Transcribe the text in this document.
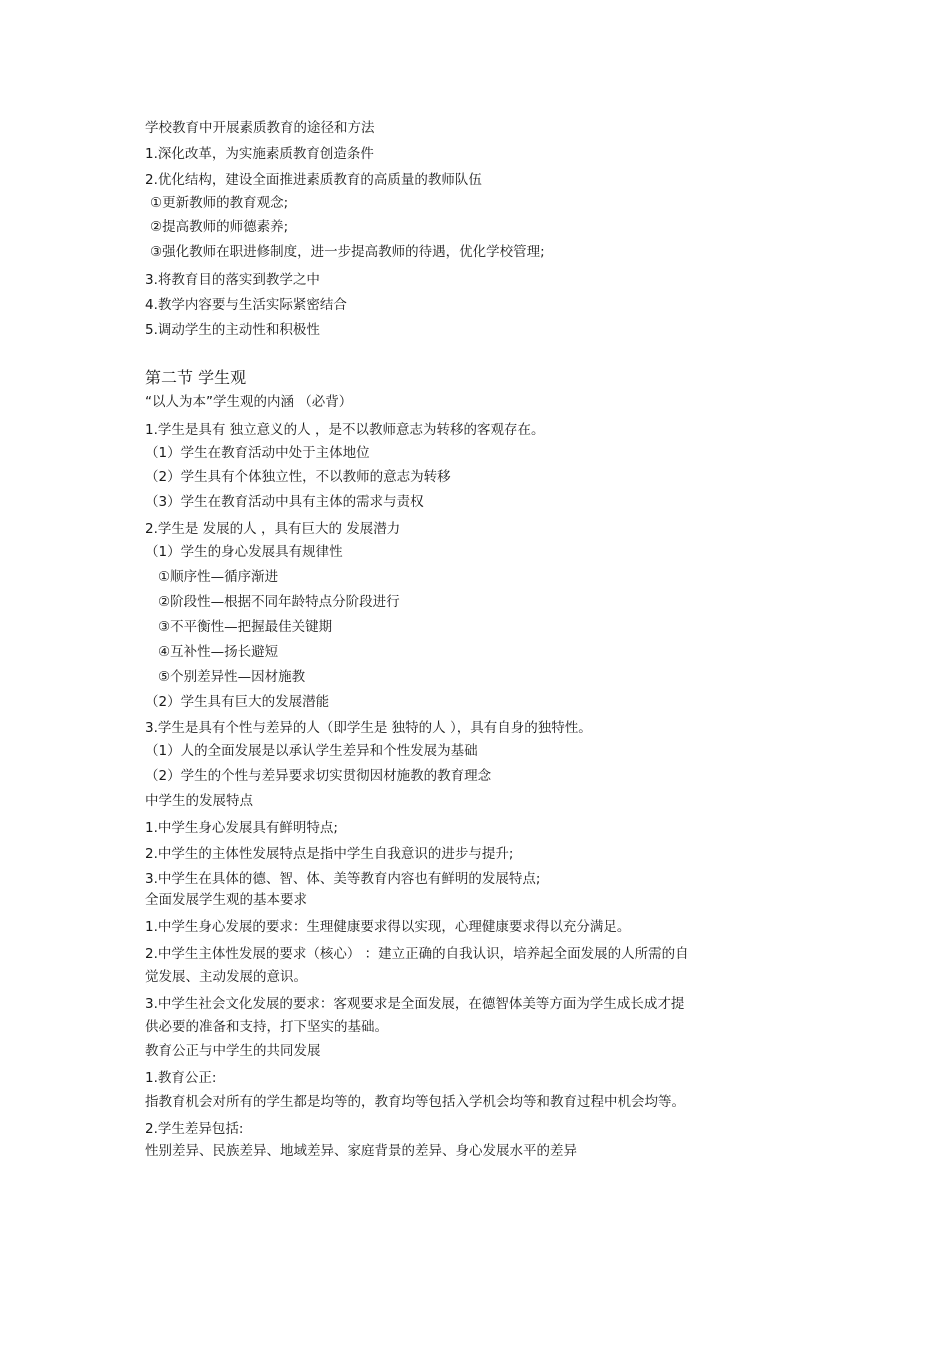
学校教育中开展素质教育的途径和方法

1.深化改革，为实施素质教育创造条件

2.优化结构，建设全面推进素质教育的高质量的教师队伍

①更新教师的教育观念;

②提高教师的师德素养;

③强化教师在职进修制度，进一步提高教师的待遇，优化学校管理;

3.将教育目的落实到教学之中

4.教学内容要与生活实际紧密结合

5.调动学生的主动性和积极性

第二节 学生观

“以人为本”学生观的内涵 （必背）

1.学生是具有 独立意义的人 ，是不以教师意志为转移的客观存在。

（1）学生在教育活动中处于主体地位

（2）学生具有个体独立性，不以教师的意志为转移

（3）学生在教育活动中具有主体的需求与责权

2.学生是 发展的人 ，具有巨大的 发展潜力

（1）学生的身心发展具有规律性

①顺序性—循序渐进

②阶段性—根据不同年龄特点分阶段进行

③不平衡性—把握最佳关键期

④互补性—扬长避短

⑤个别差异性—因材施教

（2）学生具有巨大的发展潜能

3.学生是具有个性与差异的人（即学生是 独特的人 ），具有自身的独特性。

（1）人的全面发展是以承认学生差异和个性发展为基础

（2）学生的个性与差异要求切实贯彻因材施教的教育理念

中学生的发展特点

1.中学生身心发展具有鲜明特点;

2.中学生的主体性发展特点是指中学生自我意识的进步与提升;

3.中学生在具体的德、智、体、美等教育内容也有鲜明的发展特点;

全面发展学生观的基本要求

1.中学生身心发展的要求：生理健康要求得以实现，心理健康要求得以充分满足。

2.中学生主体性发展的要求（核心） ：建立正确的自我认识，培养起全面发展的人所需的自

觉发展、主动发展的意识。

3.中学生社会文化发展的要求：客观要求是全面发展，在德智体美等方面为学生成长成才提

供必要的准备和支持，打下坚实的基础。

教育公正与中学生的共同发展

1.教育公正:

指教育机会对所有的学生都是均等的，教育均等包括入学机会均等和教育过程中机会均等。

2.学生差异包括:

性别差异、民族差异、地域差异、家庭背景的差异、身心发展水平的差异
